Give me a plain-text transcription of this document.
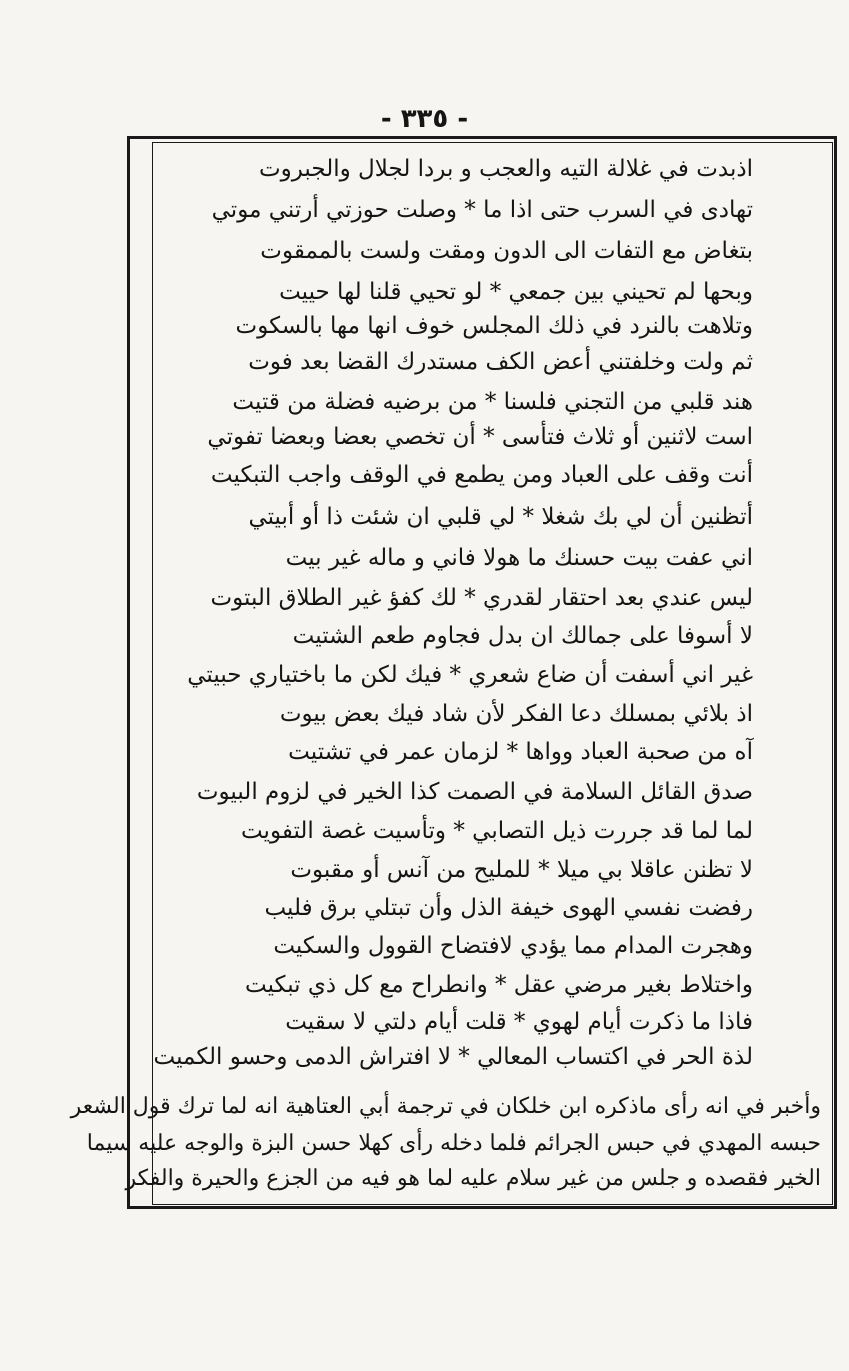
- ٣٣٥ -
اذبدت في غلالة التيه والعجب و بردا لجلال والجبروت
تهادى في السرب حتى اذا ما * وصلت حوزتي أرتني موتي
بتغاض مع التفات الى الدون ومقت ولست بالممقوت
وبحها لم تحيني بين جمعي * لو تحيي قلنا لها حييت
وتلاهت بالنرد في ذلك المجلس خوف انها مها بالسكوت
ثم ولت وخلفتني أعض الكف مستدرك القضا بعد فوت
هند قلبي من التجني فلسنا * من برضيه فضلة من قتيت
است لاثنين أو ثلاث فتأسى * أن تخصي بعضا وبعضا تفوتي
أنت وقف على العباد ومن يطمع في الوقف واجب التبكيت
أتظنين أن لي بك شغلا * لي قلبي ان شئت ذا أو أبيتي
اني عفت بيت حسنك ما هولا فاني و ماله غير بيت
ليس عندي بعد احتقار لقدري * لك كفؤ غير الطلاق البتوت
لا أسوفا على جمالك ان بدل فجاوم طعم الشتيت
غير اني أسفت أن ضاع شعري * فيك لكن ما باختياري حبيتي
اذ بلائي بمسلك دعا الفكر لأن شاد فيك بعض بيوت
آه من صحبة العباد وواها * لزمان عمر في تشتيت
صدق القائل السلامة في الصمت كذا الخير في لزوم البيوت
لما لما قد جررت ذيل التصابي * وتأسيت غصة التفويت
لا تظنن عاقلا بي ميلا * للمليح من آنس أو مقبوت
رفضت نفسي الهوى خيفة الذل وأن تبتلي برق فليب
وهجرت المدام مما يؤدي لافتضاح القوول والسكيت
واختلاط بغير مرضي عقل * وانطراح مع كل ذي تبكيت
فاذا ما ذكرت أيام لهوي * قلت أيام دلتي لا سقيت
لذة الحر في اكتساب المعالي * لا افتراش الدمى وحسو الكميت
وأخبر في انه رأى ماذكره ابن خلكان في ترجمة أبي العتاهية انه لما ترك قول الشعر
حبسه المهدي في حبس الجرائم فلما دخله رأى كهلا حسن البزة والوجه عليه سيما
الخير فقصده و جلس من غير سلام عليه لما هو فيه من الجزع والحيرة والفكر
